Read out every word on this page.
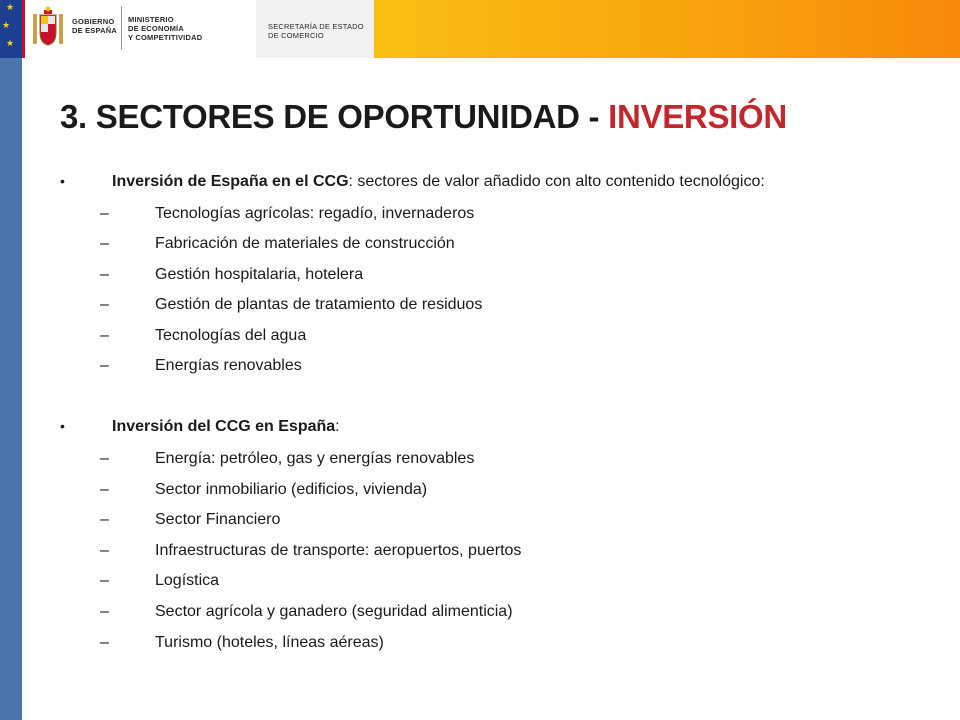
★
★
★
GOBIERNO
DE ESPAÑA
MINISTERIO
DE ECONOMÍA
Y COMPETITIVIDAD
SECRETARÍA DE ESTADO
DE COMERCIO
3. SECTORES DE OPORTUNIDAD - INVERSIÓN
•	Inversión de España en el CCG: sectores de valor añadido con alto contenido tecnológico:
–	Tecnologías agrícolas: regadío, invernaderos
–	Fabricación de materiales de construcción
–	Gestión hospitalaria, hotelera
–	Gestión de plantas de tratamiento de residuos
–	Tecnologías del agua
–	Energías renovables
•	Inversión del CCG en España:
–	Energía: petróleo, gas y energías renovables
–	Sector inmobiliario (edificios, vivienda)
–	Sector Financiero
–	Infraestructuras de transporte: aeropuertos, puertos
–	Logística
–	Sector agrícola y ganadero (seguridad alimenticia)
–	Turismo (hoteles, líneas aéreas)
